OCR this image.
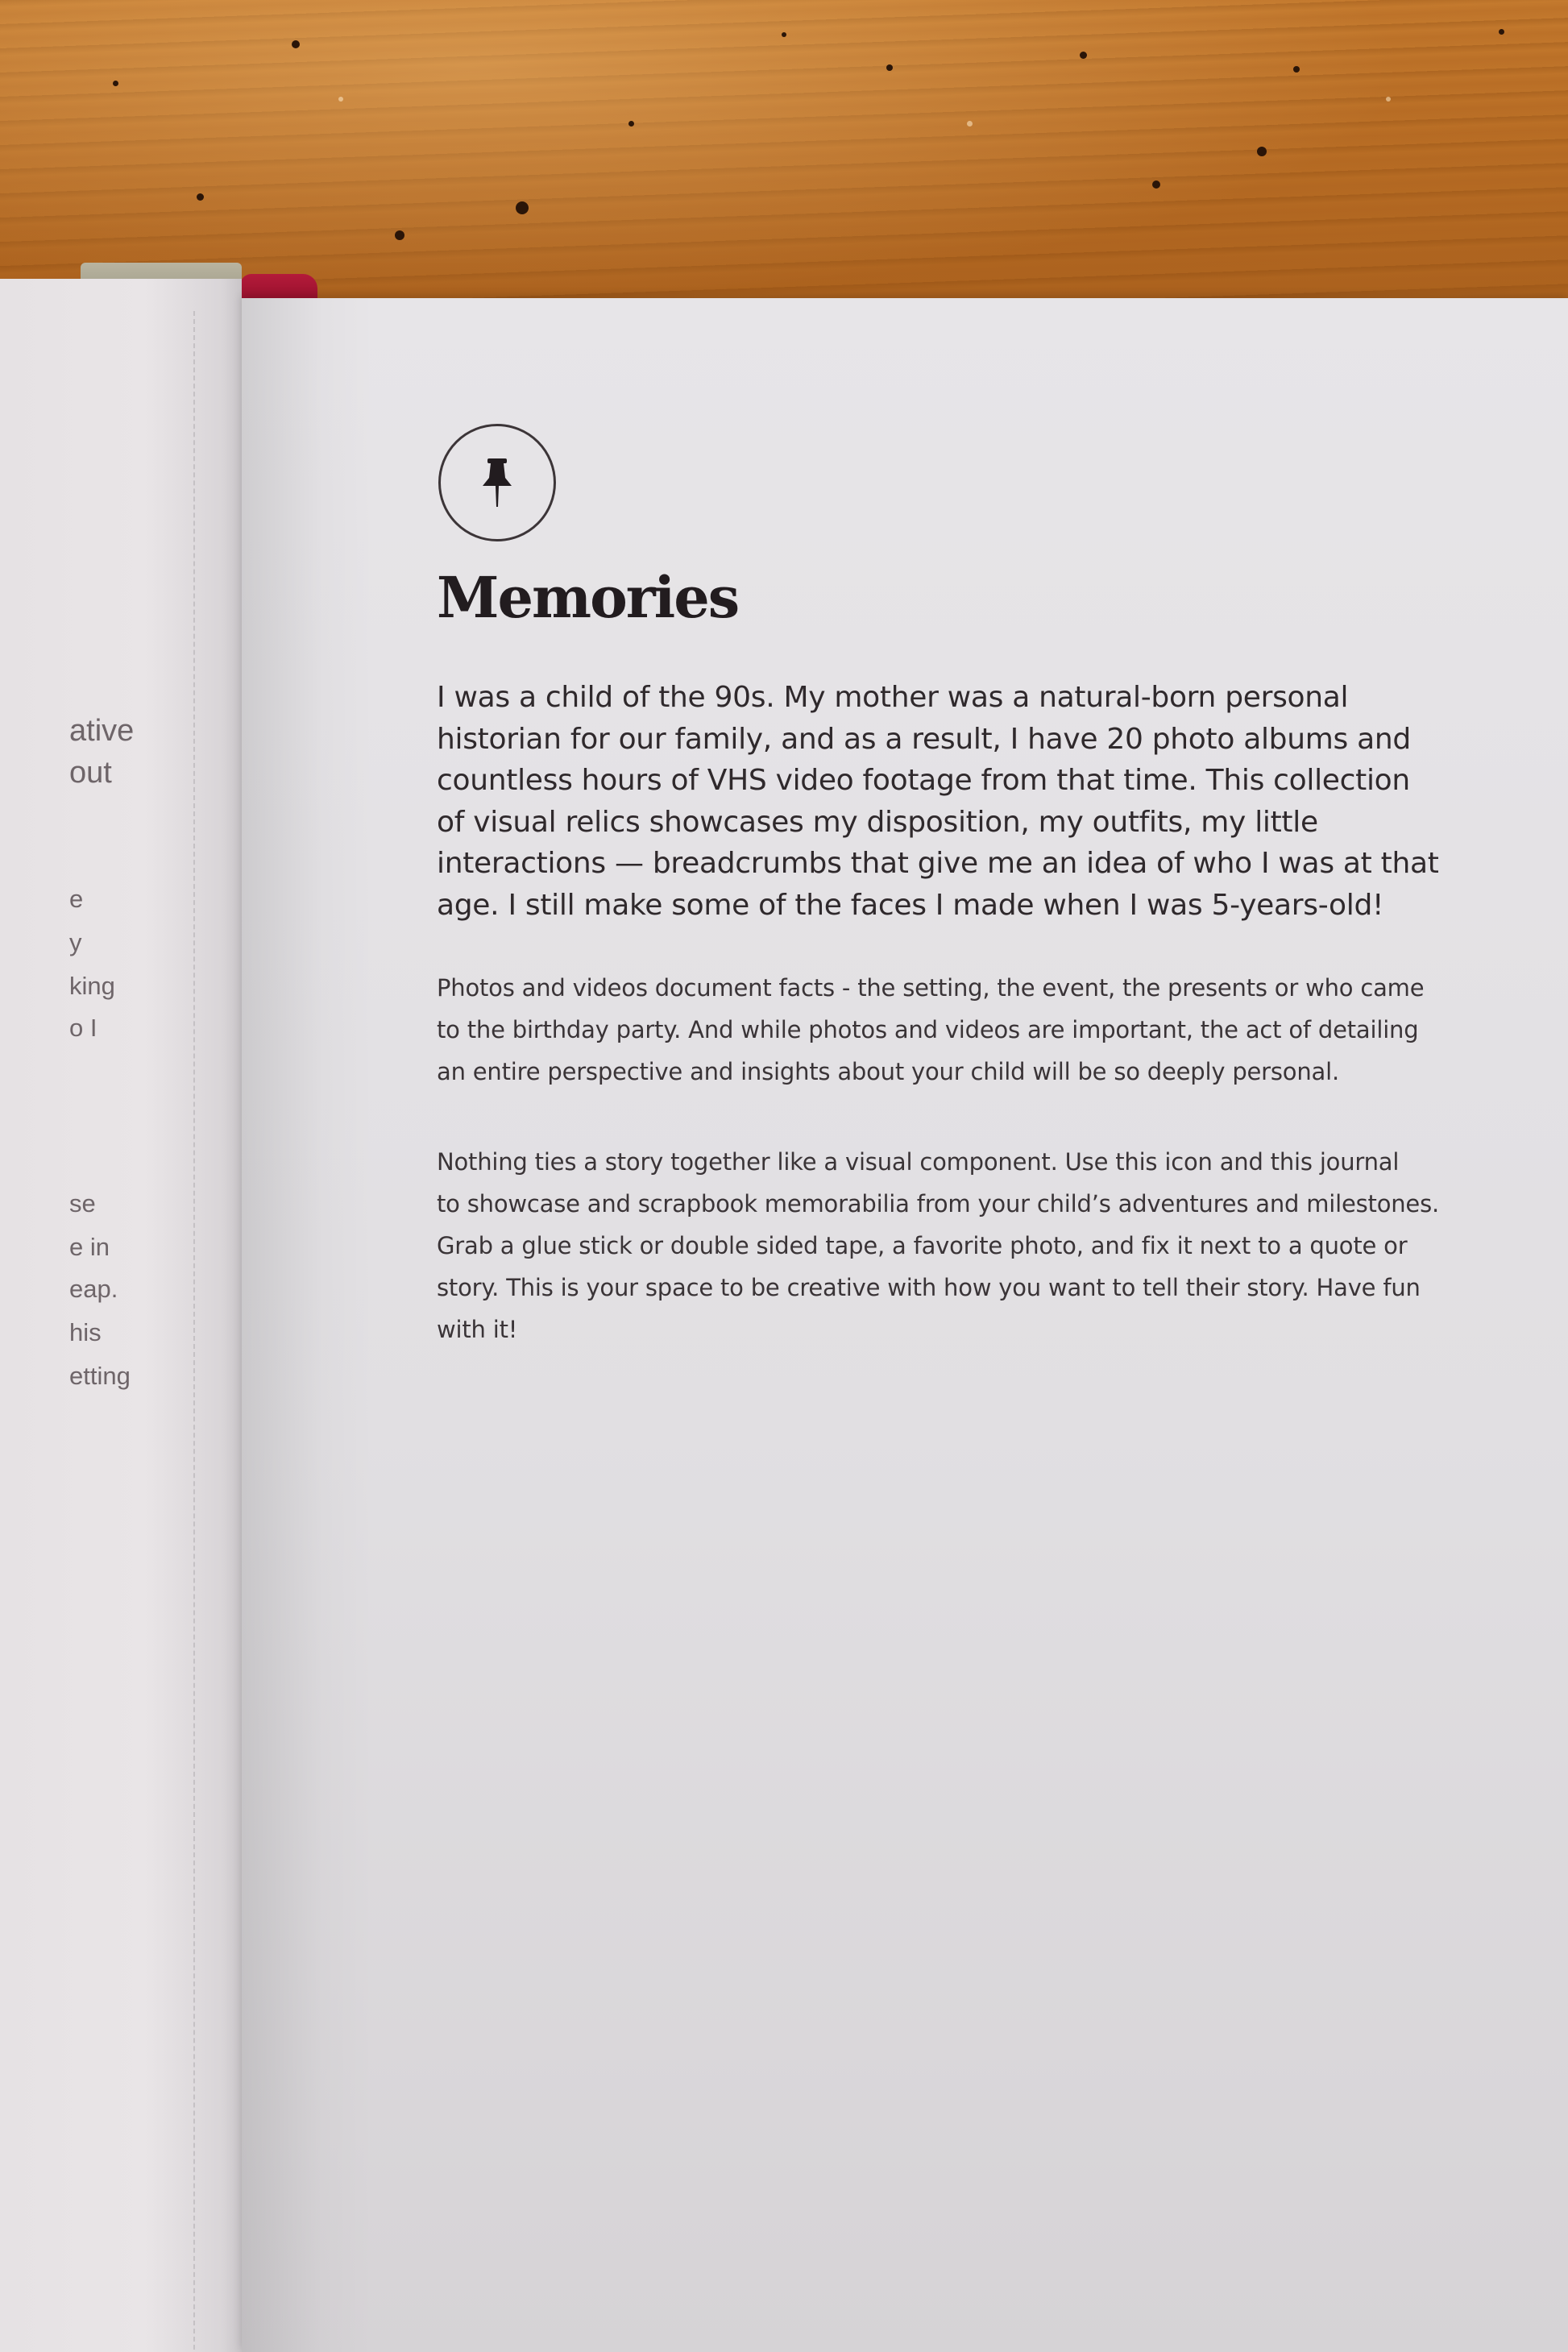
ative
out
e
y
king
o I
se
e in
eap.
his
etting
Memories

I was a child of the 90s. My mother was a natural-born personal
historian for our family, and as a result, I have 20 photo albums and
countless hours of VHS video footage from that time. This collection
of visual relics showcases my disposition, my outfits, my little
interactions — breadcrumbs that give me an idea of who I was at that
age. I still make some of the faces I made when I was 5-years-old!

Photos and videos document facts - the setting, the event, the presents or who came
to the birthday party. And while photos and videos are important, the act of detailing
an entire perspective and insights about your child will be so deeply personal.

Nothing ties a story together like a visual component. Use this icon and this journal
to showcase and scrapbook memorabilia from your child’s adventures and milestones.
Grab a glue stick or double sided tape, a favorite photo, and fix it next to a quote or
story. This is your space to be creative with how you want to tell their story. Have fun
with it!
